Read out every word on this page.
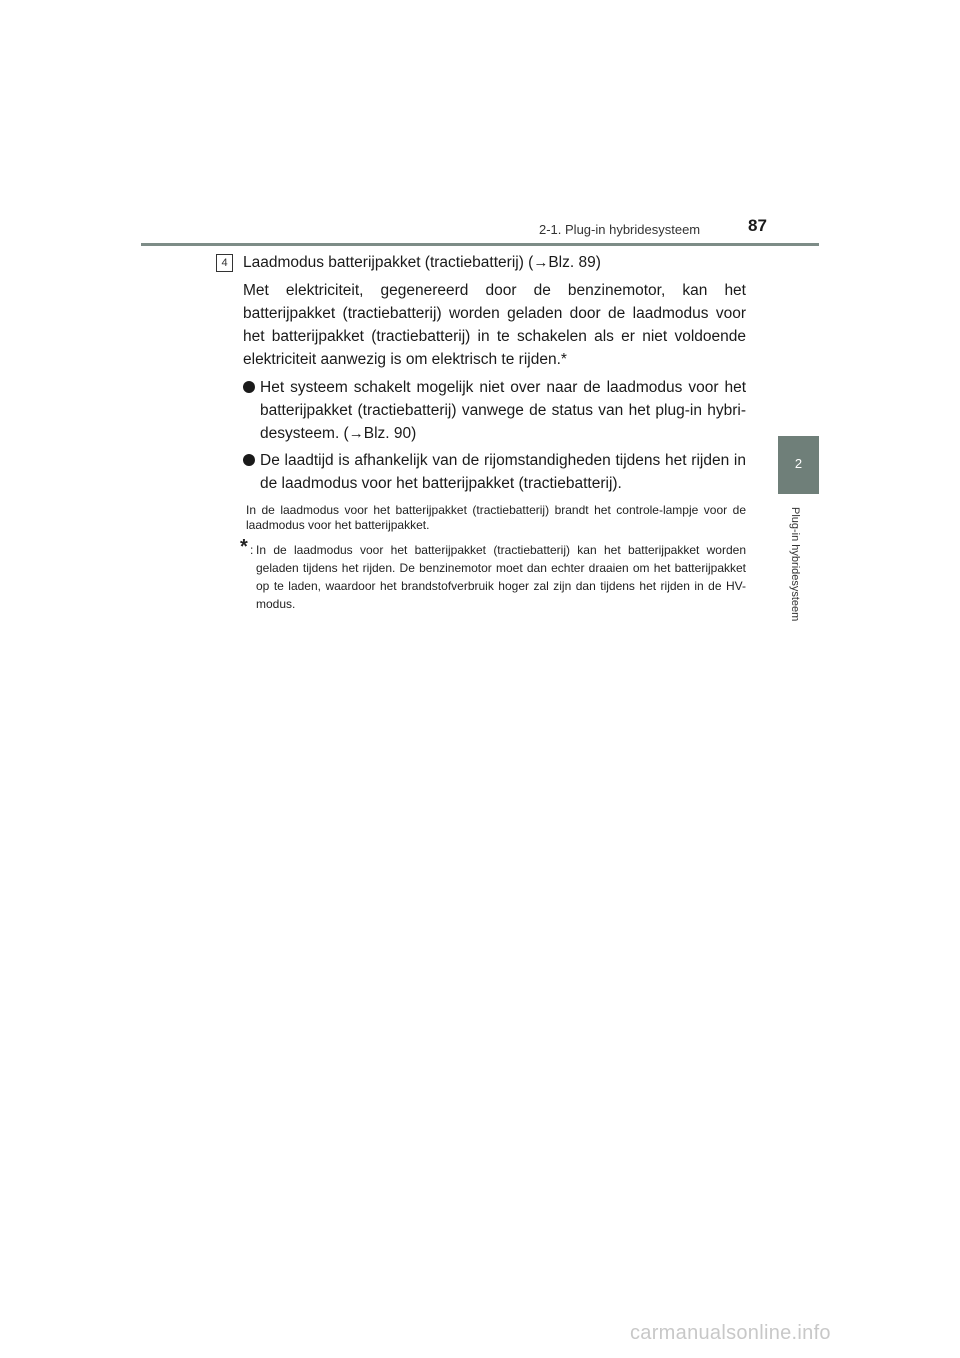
2-1. Plug-in hybridesysteem	87
2
Plug-in hybridesysteem
4 Laadmodus batterijpakket (tractiebatterij) (→Blz. 89)

Met elektriciteit, gegenereerd door de benzinemotor, kan het batterijpakket (tractiebatterij) worden geladen door de laadmodus voor het batterijpakket (tractiebatterij) in te schakelen als er niet voldoende elektriciteit aanwezig is om elektrisch te rijden.*

Het systeem schakelt mogelijk niet over naar de laadmodus voor het batterijpakket (tractiebatterij) vanwege de status van het plug-in hybri-desysteem. (→Blz. 90)
De laadtijd is afhankelijk van de rijomstandigheden tijdens het rijden in de laadmodus voor het batterijpakket (tractiebatterij).

In de laadmodus voor het batterijpakket (tractiebatterij) brandt het controle-lampje voor de laadmodus voor het batterijpakket.

* : In de laadmodus voor het batterijpakket (tractiebatterij) kan het batterijpakket worden geladen tijdens het rijden. De benzinemotor moet dan echter draaien om het batterijpakket op te laden, waardoor het brandstofverbruik hoger zal zijn dan tijdens het rijden in de HV-modus.
carmanualsonline.info
